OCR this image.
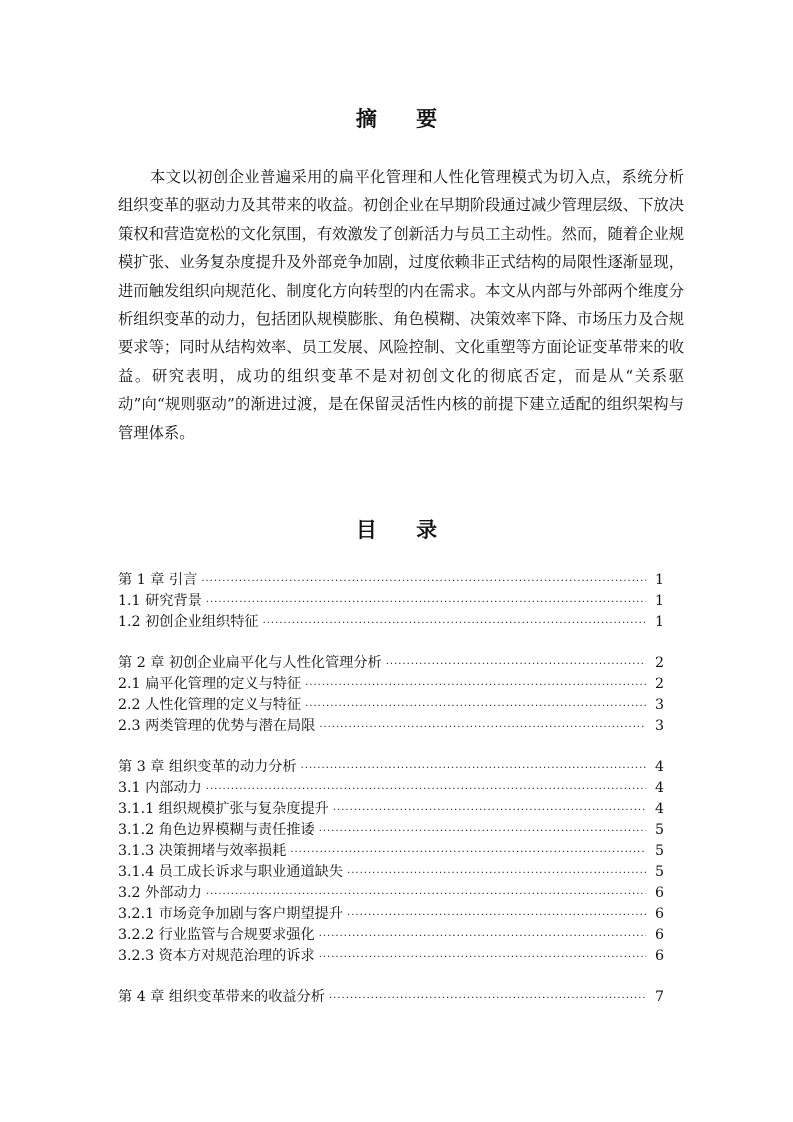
摘 要

本文以初创企业普遍采用的扁平化管理和人性化管理模式为切入点，系统分析组织变革的驱动力及其带来的收益。初创企业在早期阶段通过减少管理层级、下放决策权和营造宽松的文化氛围，有效激发了创新活力与员工主动性。然而，随着企业规模扩张、业务复杂度提升及外部竞争加剧，过度依赖非正式结构的局限性逐渐显现，进而触发组织向规范化、制度化方向转型的内在需求。本文从内部与外部两个维度分析组织变革的动力，包括团队规模膨胀、角色模糊、决策效率下降、市场压力及合规要求等；同时从结构效率、员工发展、风险控制、文化重塑等方面论证变革带来的收益。研究表明，成功的组织变革不是对初创文化的彻底否定，而是从“关系驱动”向“规则驱动”的渐进过渡，是在保留灵活性内核的前提下建立适配的组织架构与管理体系。

目 录
第 1 章 引言 ·····	1
1.1 研究背景 ·····	1
1.2 初创企业组织特征 ·····	1
第 2 章 初创企业扁平化与人性化管理分析 ·····	2
2.1 扁平化管理的定义与特征 ·····	2
2.2 人性化管理的定义与特征 ·····	3
2.3 两类管理的优势与潜在局限 ·····	3
第 3 章 组织变革的动力分析 ·····	4
3.1 内部动力 ·····	4
3.1.1 组织规模扩张与复杂度提升 ·····	4
3.1.2 角色边界模糊与责任推诿 ·····	5
3.1.3 决策拥堵与效率损耗 ·····	5
3.1.4 员工成长诉求与职业通道缺失 ·····	5
3.2 外部动力 ·····	6
3.2.1 市场竞争加剧与客户期望提升 ·····	6
3.2.2 行业监管与合规要求强化 ·····	6
3.2.3 资本方对规范治理的诉求 ·····	6
第 4 章 组织变革带来的收益分析 ·····	7
